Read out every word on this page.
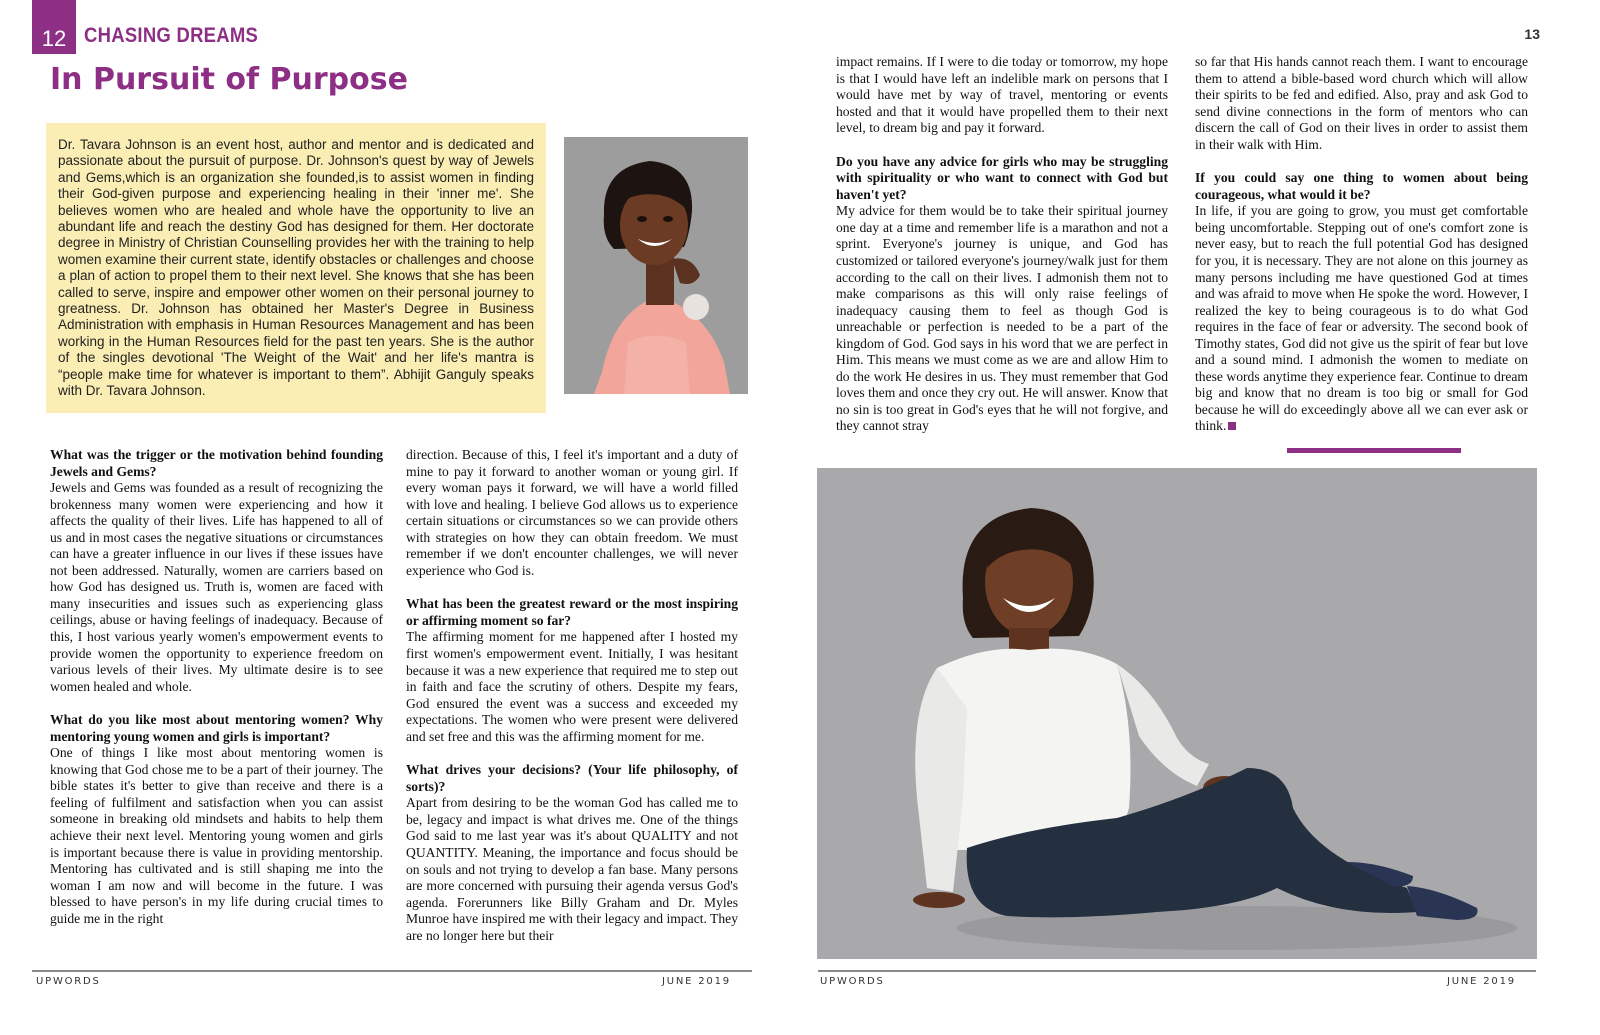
12 CHASING DREAMS
In Pursuit of Purpose
Dr. Tavara Johnson is an event host, author and mentor and is dedicated and passionate about the pursuit of purpose. Dr. Johnson's quest by way of Jewels and Gems,which is an organization she founded,is to assist women in finding their God-given purpose and experiencing healing in their 'inner me'. She believes women who are healed and whole have the opportunity to live an abundant life and reach the destiny God has designed for them. Her doctorate degree in Ministry of Christian Counselling provides her with the training to help women examine their current state, identify obstacles or challenges and choose a plan of action to propel them to their next level. She knows that she has been called to serve, inspire and empower other women on their personal journey to greatness. Dr. Johnson has obtained her Master's Degree in Business Administration with emphasis in Human Resources Management and has been working in the Human Resources field for the past ten years. She is the author of the singles devotional 'The Weight of the Wait' and her life's mantra is “people make time for whatever is important to them”. Abhijit Ganguly speaks with Dr. Tavara Johnson.

What was the trigger or the motivation behind founding Jewels and Gems?

Jewels and Gems was founded as a result of recognizing the brokenness many women were experiencing and how it affects the quality of their lives. Life has happened to all of us and in most cases the negative situations or circumstances can have a greater influence in our lives if these issues have not been addressed. Naturally, women are carriers based on how God has designed us. Truth is, women are faced with many insecurities and issues such as experiencing glass ceilings, abuse or having feelings of inadequacy. Because of this, I host various yearly women's empowerment events to provide women the opportunity to experience freedom on various levels of their lives. My ultimate desire is to see women healed and whole.

What do you like most about mentoring women? Why mentoring young women and girls is important?

One of things I like most about mentoring women is knowing that God chose me to be a part of their journey. The bible states it's better to give than receive and there is a feeling of fulfilment and satisfaction when you can assist someone in breaking old mindsets and habits to help them achieve their next level. Mentoring young women and girls is important because there is value in providing mentorship. Mentoring has cultivated and is still shaping me into the woman I am now and will become in the future. I was blessed to have person's in my life during crucial times to guide me in the right

direction. Because of this, I feel it's important and a duty of mine to pay it forward to another woman or young girl. If every woman pays it forward, we will have a world filled with love and healing. I believe God allows us to experience certain situations or circumstances so we can provide others with strategies on how they can obtain freedom. We must remember if we don't encounter challenges, we will never experience who God is.

What has been the greatest reward or the most inspiring or affirming moment so far?

The affirming moment for me happened after I hosted my first women's empowerment event. Initially, I was hesitant because it was a new experience that required me to step out in faith and face the scrutiny of others. Despite my fears, God ensured the event was a success and exceeded my expectations. The women who were present were delivered and set free and this was the affirming moment for me.

What drives your decisions? (Your life philosophy, of sorts)?

Apart from desiring to be the woman God has called me to be, legacy and impact is what drives me. One of the things God said to me last year was it's about QUALITY and not QUANTITY. Meaning, the importance and focus should be on souls and not trying to develop a fan base. Many persons are more concerned with pursuing their agenda versus God's agenda. Forerunners like Billy Graham and Dr. Myles Munroe have inspired me with their legacy and impact. They are no longer here but their

UPWORDS	JUNE 2019
13

impact remains. If I were to die today or tomorrow, my hope is that I would have left an indelible mark on persons that I would have met by way of travel, mentoring or events hosted and that it would have propelled them to their next level, to dream big and pay it forward.

Do you have any advice for girls who may be struggling with spirituality or who want to connect with God but haven't yet?

My advice for them would be to take their spiritual journey one day at a time and remember life is a marathon and not a sprint. Everyone's journey is unique, and God has customized or tailored everyone's journey/walk just for them according to the call on their lives. I admonish them not to make comparisons as this will only raise feelings of inadequacy causing them to feel as though God is unreachable or perfection is needed to be a part of the kingdom of God. God says in his word that we are perfect in Him. This means we must come as we are and allow Him to do the work He desires in us. They must remember that God loves them and once they cry out. He will answer. Know that no sin is too great in God's eyes that he will not forgive, and they cannot stray

so far that His hands cannot reach them. I want to encourage them to attend a bible-based word church which will allow their spirits to be fed and edified. Also, pray and ask God to send divine connections in the form of mentors who can discern the call of God on their lives in order to assist them in their walk with Him.

If you could say one thing to women about being courageous, what would it be?

In life, if you are going to grow, you must get comfortable being uncomfortable. Stepping out of one's comfort zone is never easy, but to reach the full potential God has designed for you, it is necessary. They are not alone on this journey as many persons including me have questioned God at times and was afraid to move when He spoke the word. However, I realized the key to being courageous is to do what God requires in the face of fear or adversity. The second book of Timothy states, God did not give us the spirit of fear but love and a sound mind. I admonish the women to mediate on these words anytime they experience fear. Continue to dream big and know that no dream is too big or small for God because he will do exceedingly above all we can ever ask or think.

UPWORDS	JUNE 2019
